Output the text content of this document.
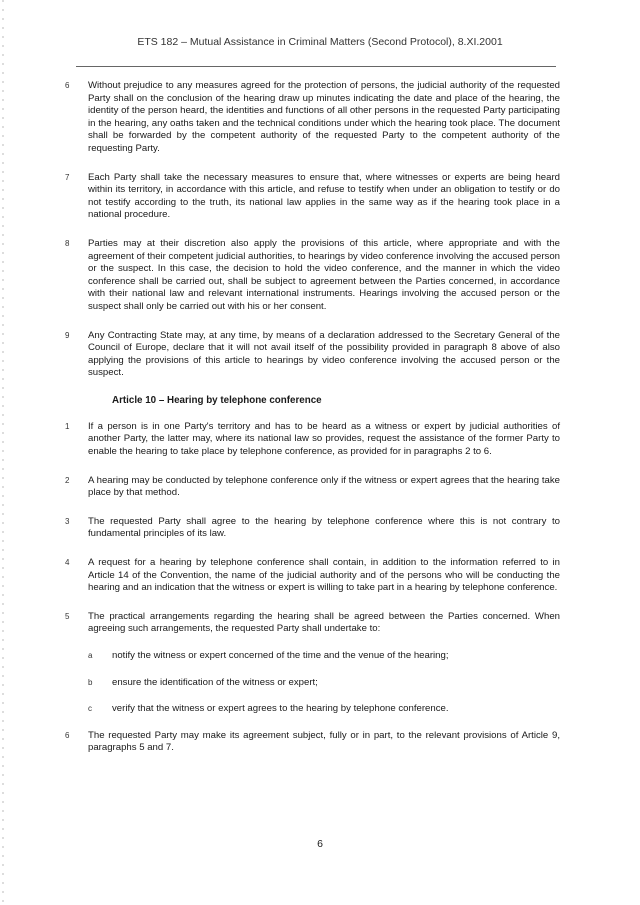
ETS 182 – Mutual Assistance in Criminal Matters (Second Protocol), 8.XI.2001
6 Without prejudice to any measures agreed for the protection of persons, the judicial authority of the requested Party shall on the conclusion of the hearing draw up minutes indicating the date and place of the hearing, the identity of the person heard, the identities and functions of all other persons in the requested Party participating in the hearing, any oaths taken and the technical conditions under which the hearing took place. The document shall be forwarded by the competent authority of the requested Party to the competent authority of the requesting Party.
7 Each Party shall take the necessary measures to ensure that, where witnesses or experts are being heard within its territory, in accordance with this article, and refuse to testify when under an obligation to testify or do not testify according to the truth, its national law applies in the same way as if the hearing took place in a national procedure.
8 Parties may at their discretion also apply the provisions of this article, where appropriate and with the agreement of their competent judicial authorities, to hearings by video conference involving the accused person or the suspect. In this case, the decision to hold the video conference, and the manner in which the video conference shall be carried out, shall be subject to agreement between the Parties concerned, in accordance with their national law and relevant international instruments. Hearings involving the accused person or the suspect shall only be carried out with his or her consent.
9 Any Contracting State may, at any time, by means of a declaration addressed to the Secretary General of the Council of Europe, declare that it will not avail itself of the possibility provided in paragraph 8 above of also applying the provisions of this article to hearings by video conference involving the accused person or the suspect.
Article 10 – Hearing by telephone conference
1 If a person is in one Party's territory and has to be heard as a witness or expert by judicial authorities of another Party, the latter may, where its national law so provides, request the assistance of the former Party to enable the hearing to take place by telephone conference, as provided for in paragraphs 2 to 6.
2 A hearing may be conducted by telephone conference only if the witness or expert agrees that the hearing take place by that method.
3 The requested Party shall agree to the hearing by telephone conference where this is not contrary to fundamental principles of its law.
4 A request for a hearing by telephone conference shall contain, in addition to the information referred to in Article 14 of the Convention, the name of the judicial authority and of the persons who will be conducting the hearing and an indication that the witness or expert is willing to take part in a hearing by telephone conference.
5 The practical arrangements regarding the hearing shall be agreed between the Parties concerned. When agreeing such arrangements, the requested Party shall undertake to:
a notify the witness or expert concerned of the time and the venue of the hearing;
b ensure the identification of the witness or expert;
c verify that the witness or expert agrees to the hearing by telephone conference.
6 The requested Party may make its agreement subject, fully or in part, to the relevant provisions of Article 9, paragraphs 5 and 7.
6
